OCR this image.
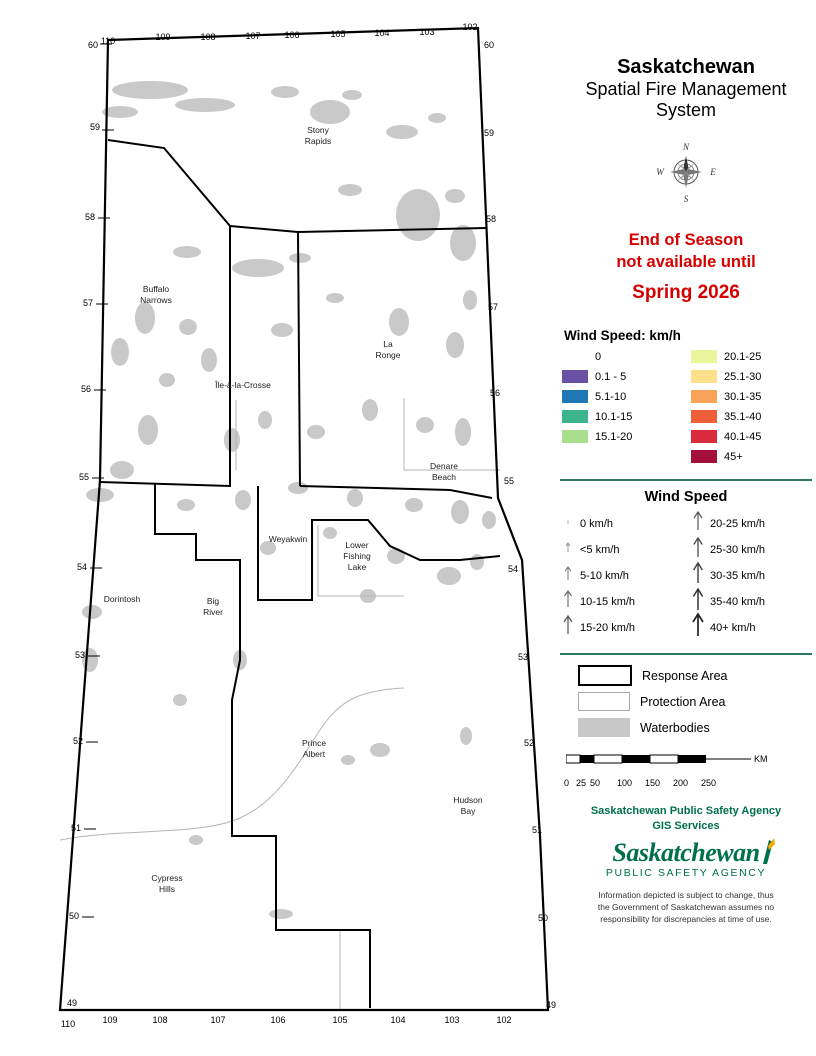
110	109	108	107	106	105	104	103	102
110	109	108	107	106	105	104	103	102
60
59
58
57
56
55
54
53
52
51
50
49
60
59
58
57
56
55
54
53
52
51
50
49
Stony
Rapids
Buffalo
Narrows
Île-à-la-Crosse
La
Ronge
Denare
Beach
Weyakwin
Lower
Fishing
Lake
Dorintosh	Big
River
Prince
Albert
Hudson
Bay
Cypress
Hills
Saskatchewan
Spatial Fire Management
System
N
S
E
W
End of Season
not available until
Spring 2026
Wind Speed: km/h
0
0.1 - 5
5.1-10
10.1-15
15.1-20
20.1-25
25.1-30
30.1-35
35.1-40
40.1-45
45+
Wind Speed
0 km/h
<5 km/h
5-10 km/h
10-15 km/h
15-20 km/h
20-25 km/h
25-30 km/h
30-35 km/h
35-40 km/h
40+ km/h
Response Area
Protection Area
Waterbodies
KM
0 25 50 100 150 200 250
Saskatchewan Public Safety Agency
GIS Services
Saskatchewan
PUBLIC SAFETY AGENCY
Information depicted is subject to change, thus
the Government of Saskatchewan assumes no
responsibility for discrepancies at time of use.
